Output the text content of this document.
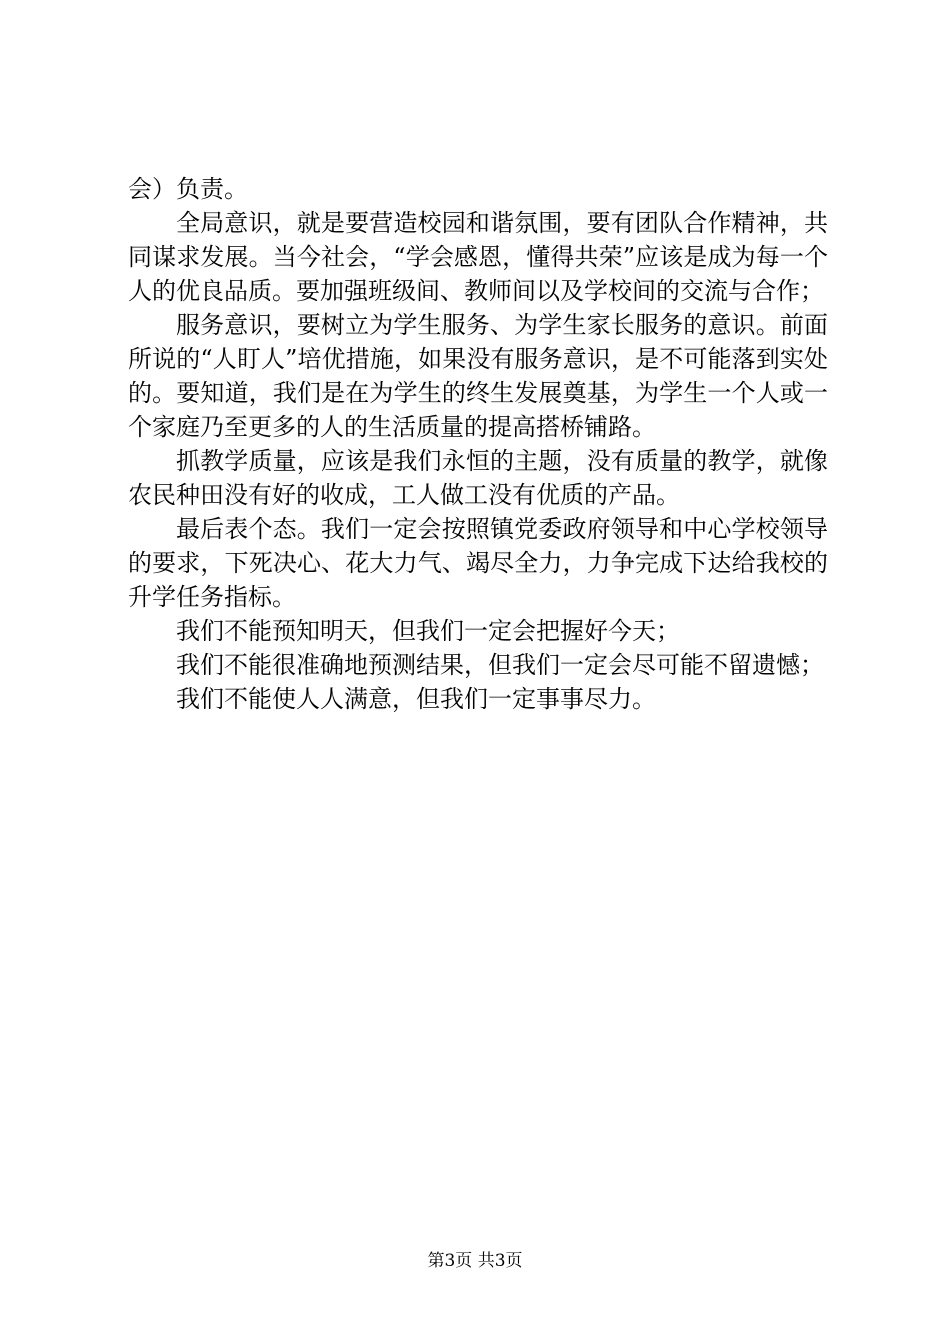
会）负责。

全局意识，就是要营造校园和谐氛围，要有团队合作精神，共同谋求发展。当今社会，“学会感恩，懂得共荣”应该是成为每一个人的优良品质。要加强班级间、教师间以及学校间的交流与合作；

服务意识，要树立为学生服务、为学生家长服务的意识。前面所说的“人盯人”培优措施，如果没有服务意识，是不可能落到实处的。要知道，我们是在为学生的终生发展奠基，为学生一个人或一个家庭乃至更多的人的生活质量的提高搭桥铺路。

抓教学质量，应该是我们永恒的主题，没有质量的教学，就像农民种田没有好的收成，工人做工没有优质的产品。

最后表个态。我们一定会按照镇党委政府领导和中心学校领导的要求，下死决心、花大力气、竭尽全力，力争完成下达给我校的升学任务指标。

我们不能预知明天，但我们一定会把握好今天；

我们不能很准确地预测结果，但我们一定会尽可能不留遗憾；

我们不能使人人满意，但我们一定事事尽力。

第3页 共3页
